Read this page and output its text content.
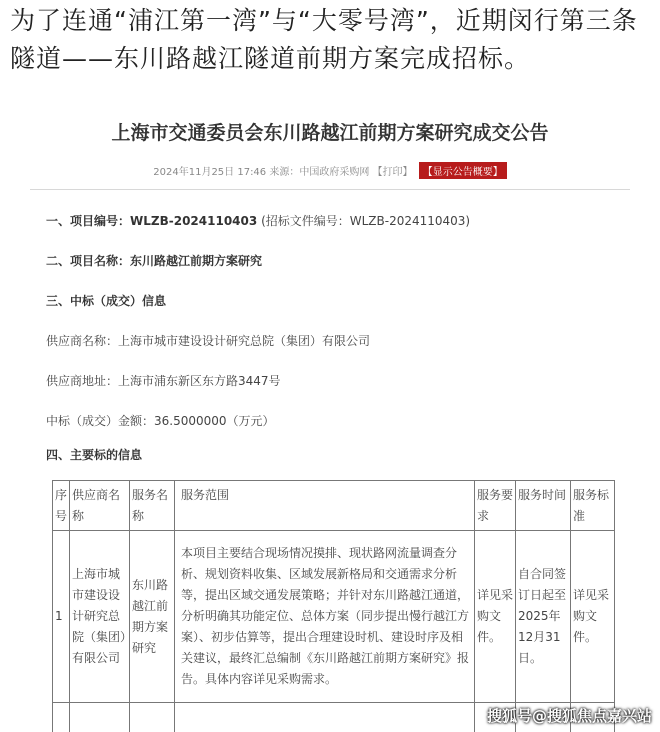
为了连通“浦江第一湾”与“大零号湾”，近期闵行第三条隧道——东川路越江隧道前期方案完成招标。
上海市交通委员会东川路越江前期方案研究成交公告
2024年11月25日 17:46 来源：中国政府采购网 【打印】 【显示公告概要】
一、项目编号：WLZB-2024110403 (招标文件编号：WLZB-2024110403)
二、项目名称：东川路越江前期方案研究
三、中标（成交）信息
供应商名称：上海市城市建设设计研究总院（集团）有限公司
供应商地址：上海市浦东新区东方路3447号
中标（成交）金额：36.5000000（万元）
四、主要标的信息
序号	供应商名称	服务名称	服务范围	服务要求	服务时间	服务标准
1	上海市城市建设设计研究总院（集团）有限公司	东川路越江前期方案研究	本项目主要结合现场情况摸排、现状路网流量调查分析、规划资料收集、区域发展新格局和交通需求分析等，提出区域交通发展策略；并针对东川路越江通道，分析明确其功能定位、总体方案（同步提出慢行越江方案）、初步估算等，提出合理建设时机、建设时序及相关建议，最终汇总编制《东川路越江前期方案研究》报告。具体内容详见采购需求。	详见采购文件。	自合同签订日起至2025年12月31日。	详见采购文件。

搜狐号@搜狐焦点嘉兴站
